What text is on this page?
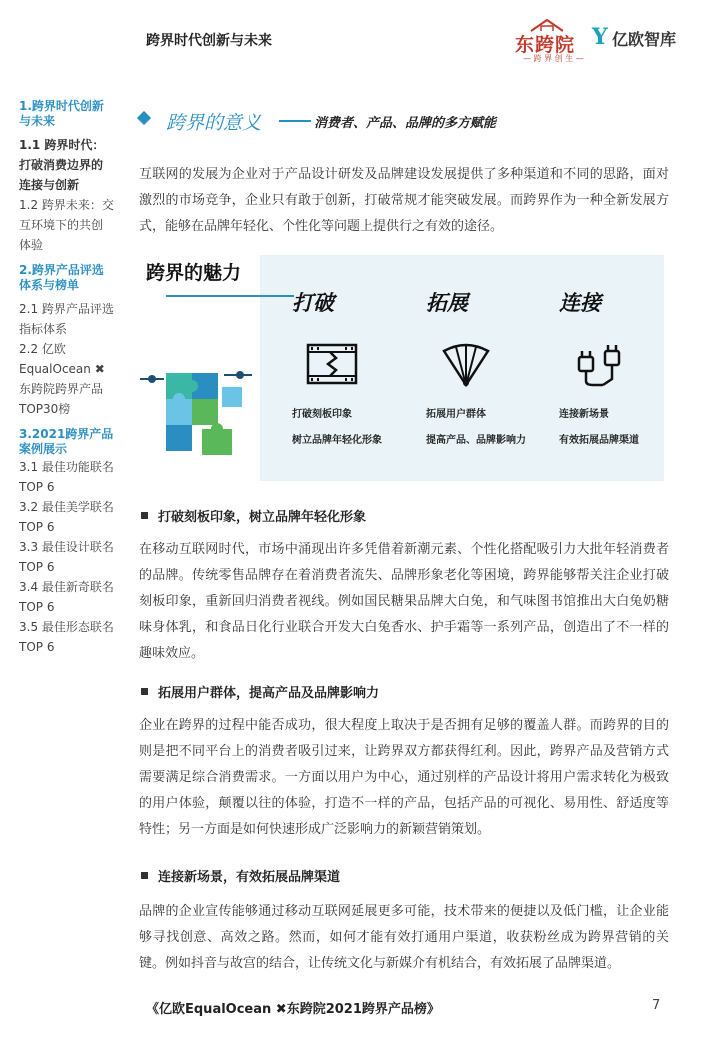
跨界时代创新与未来	东跨院
— 跨 界 创 生 —
Y 亿欧智库
1.跨界时代创新与未来
1.1 跨界时代：打破消费边界的连接与创新
1.2 跨界未来：交互环境下的共创体验
2.跨界产品评选体系与榜单
2.1 跨界产品评选指标体系
2.2 亿欧EqualOcean ✖ 东跨院跨界产品TOP30榜
3.2021跨界产品案例展示
3.1 最佳功能联名TOP 6
3.2 最佳美学联名TOP 6
3.3 最佳设计联名TOP 6
3.4 最佳新奇联名TOP 6
3.5 最佳形态联名TOP 6
跨界的意义	消费者、产品、品牌的多方赋能
互联网的发展为企业对于产品设计研发及品牌建设发展提供了多种渠道和不同的思路，面对激烈的市场竞争，企业只有敢于创新，打破常规才能突破发展。而跨界作为一种全新发展方式，能够在品牌年轻化、个性化等问题上提供行之有效的途径。
跨界的魅力
打破
打破刻板印象
树立品牌年轻化形象
拓展
拓展用户群体
提高产品、品牌影响力
连接
连接新场景
有效拓展品牌渠道
打破刻板印象，树立品牌年轻化形象
在移动互联网时代，市场中涌现出许多凭借着新潮元素、个性化搭配吸引力大批年轻消费者的品牌。传统零售品牌存在着消费者流失、品牌形象老化等困境，跨界能够帮关注企业打破刻板印象，重新回归消费者视线。例如国民糖果品牌大白兔，和气味图书馆推出大白兔奶糖味身体乳，和食品日化行业联合开发大白兔香水、护手霜等一系列产品，创造出了不一样的趣味效应。
拓展用户群体，提高产品及品牌影响力
企业在跨界的过程中能否成功，很大程度上取决于是否拥有足够的覆盖人群。而跨界的目的则是把不同平台上的消费者吸引过来，让跨界双方都获得红利。因此，跨界产品及营销方式需要满足综合消费需求。一方面以用户为中心，通过别样的产品设计将用户需求转化为极致的用户体验，颠覆以往的体验，打造不一样的产品，包括产品的可视化、易用性、舒适度等特性；另一方面是如何快速形成广泛影响力的新颖营销策划。
连接新场景，有效拓展品牌渠道
品牌的企业宣传能够通过移动互联网延展更多可能，技术带来的便捷以及低门槛，让企业能够寻找创意、高效之路。然而，如何才能有效打通用户渠道，收获粉丝成为跨界营销的关键。例如抖音与故宫的结合，让传统文化与新媒介有机结合，有效拓展了品牌渠道。
《亿欧EqualOcean ✖东跨院2021跨界产品榜》	7
